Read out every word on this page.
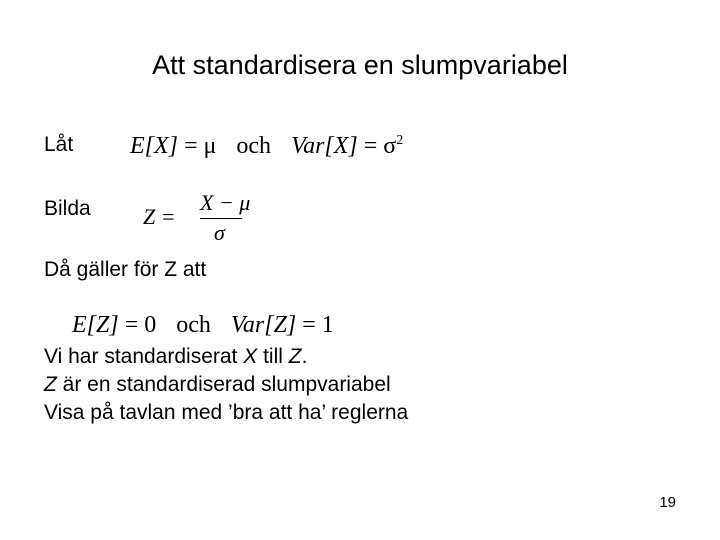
Att standardisera en slumpvariabel
Låt E[X] = μ och $Var[X] = \sigma^2$
Bilda Z =
X − μ
σ
Då gäller för Z att
E[Z] = 0 och Var[Z] = 1
Vi har standardiserat X till Z.
Z är en standardiserad slumpvariabel
Visa på tavlan med ’bra att ha’ reglerna
19
